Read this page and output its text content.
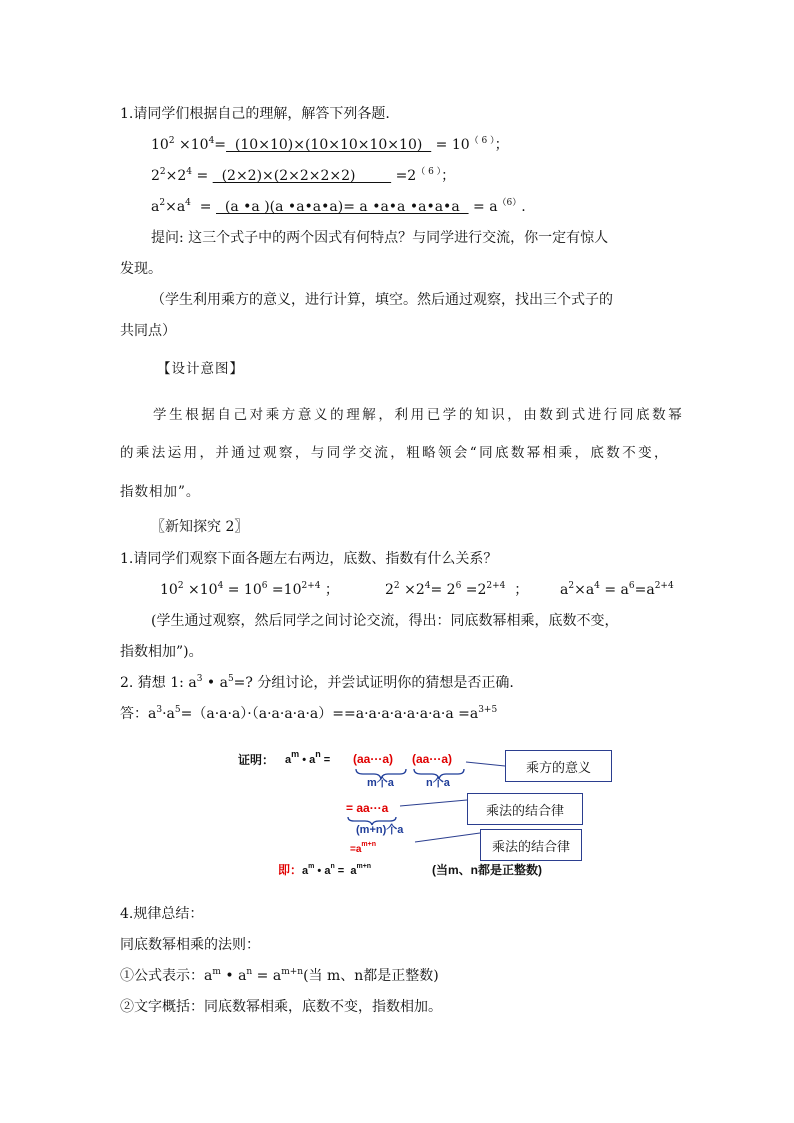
1.请同学们根据自己的理解，解答下列各题.
$10^2 \times 10^4= (10\times 10)\times(10\times 10\times 10\times 10) = 10^{( 6 )}$；
$2^2\times 2^4 = (2\times 2)\times(2\times 2\times 2\times 2)$         $=2^{( 6 )}$；
$a^2\times a^4 = (a$ •a )(a •a•a•a)= a •a•a •a•a•a   = $a^{(6)}$.
提问: 这三个式子中的两个因式有何特点？与同学进行交流，你一定有惊人
发现。
（学生利用乘方的意义，进行计算，填空。然后通过观察，找出三个式子的
共同点）
【设计意图】
学生根据自己对乘方意义的理解，利用已学的知识，由数到式进行同底数幂
的乘法运用，并通过观察，与同学交流，粗略领会“同底数幂相乘，底数不变，
指数相加”。
〖新知探究 2〗
1.请同学们观察下面各题左右两边，底数、指数有什么关系？
$10^2 \times 10^4 = 10^6 =10^{2+4}$ ；	$2^2 \times 2^4= 2^6 =2^{2+4}$  ； $a^2\times a^4 = a^6=a^{2+4}$
(学生通过观察，然后同学之间讨论交流，得出：同底数幂相乘，底数不变，
指数相加”)。
2. 猜想 1: $a^3$ • $a^5=$? 分组讨论，并尝试证明你的猜想是否正确.
答：$a^3\cdot a^5=(a\cdot a\cdot a)\cdot(a\cdot a\cdot a\cdot a\cdot a)==a\cdot a\cdot a\cdot a\cdot a\cdot a\cdot a\cdot a =a^{3+5}$
证明： $a^m$ • $a^n = (aa\cdot\cdot\cdot a)$ (aa···a)
m个a	n个a
= aa···a
(m+n)个a
$=a^{m+n}$
即：$a^m$ • $a^n = a^{m+n}$	(当m、n都是正整数)
乘方的意义
乘法的结合律
乘法的结合律
4.规律总结：
同底数幂相乘的法则：
①公式表示：$a^m$ • $a^n = a^{m+n}$(当 m、n都是正整数)
②文字概括：同底数幂相乘，底数不变，指数相加。
